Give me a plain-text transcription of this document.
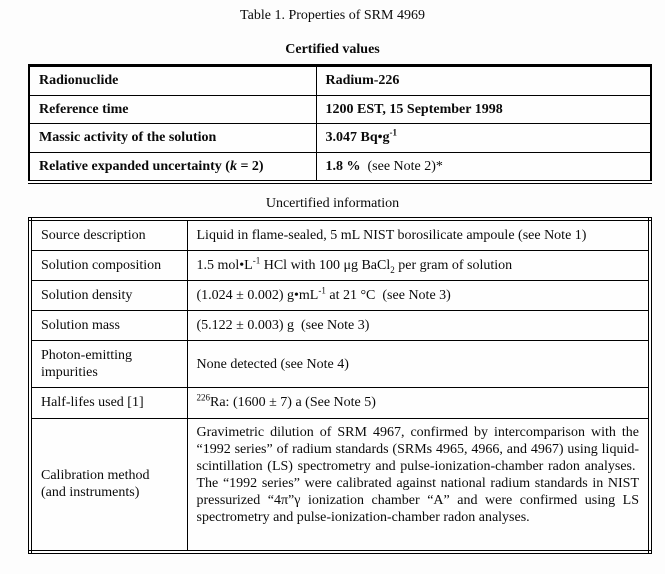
Table 1. Properties of SRM 4969
Certified values
Radionuclide	Radium-226
Reference time	1200 EST, 15 September 1998
Massic activity of the solution	3.047 $Bq•g^{-1}$
Relative expanded uncertainty (k = 2)	1.8 %  (see Note 2)*
Uncertified information
Source description	Liquid in flame-sealed, 5 mL NIST borosilicate ampoule (see Note 1)
Solution composition	1.5 $mol•L^{-1}$ HCl with 100 μg BaCl$_2$ per gram of solution
Solution density	(1.024 ± 0.002) $g•mL^{-1}$ at 21 °C  (see Note 3)
Solution mass	(5.122 ± 0.003) g  (see Note 3)
Photon-emitting impurities	None detected (see Note 4)
Half-lifes used [1]	$^{226}$Ra: (1600 ± 7) a (See Note 5)
Calibration method (and instruments)	Gravimetric dilution of SRM 4967, confirmed by intercomparison with the “1992 series” of radium standards (SRMs 4965, 4966, and 4967) using liquid-scintillation (LS) spectrometry and pulse-ionization-chamber radon analyses.  The “1992 series” were calibrated against national radium standards in NIST pressurized “4π”γ ionization chamber “A” and were confirmed using LS spectrometry and pulse-ionization-chamber radon analyses.
